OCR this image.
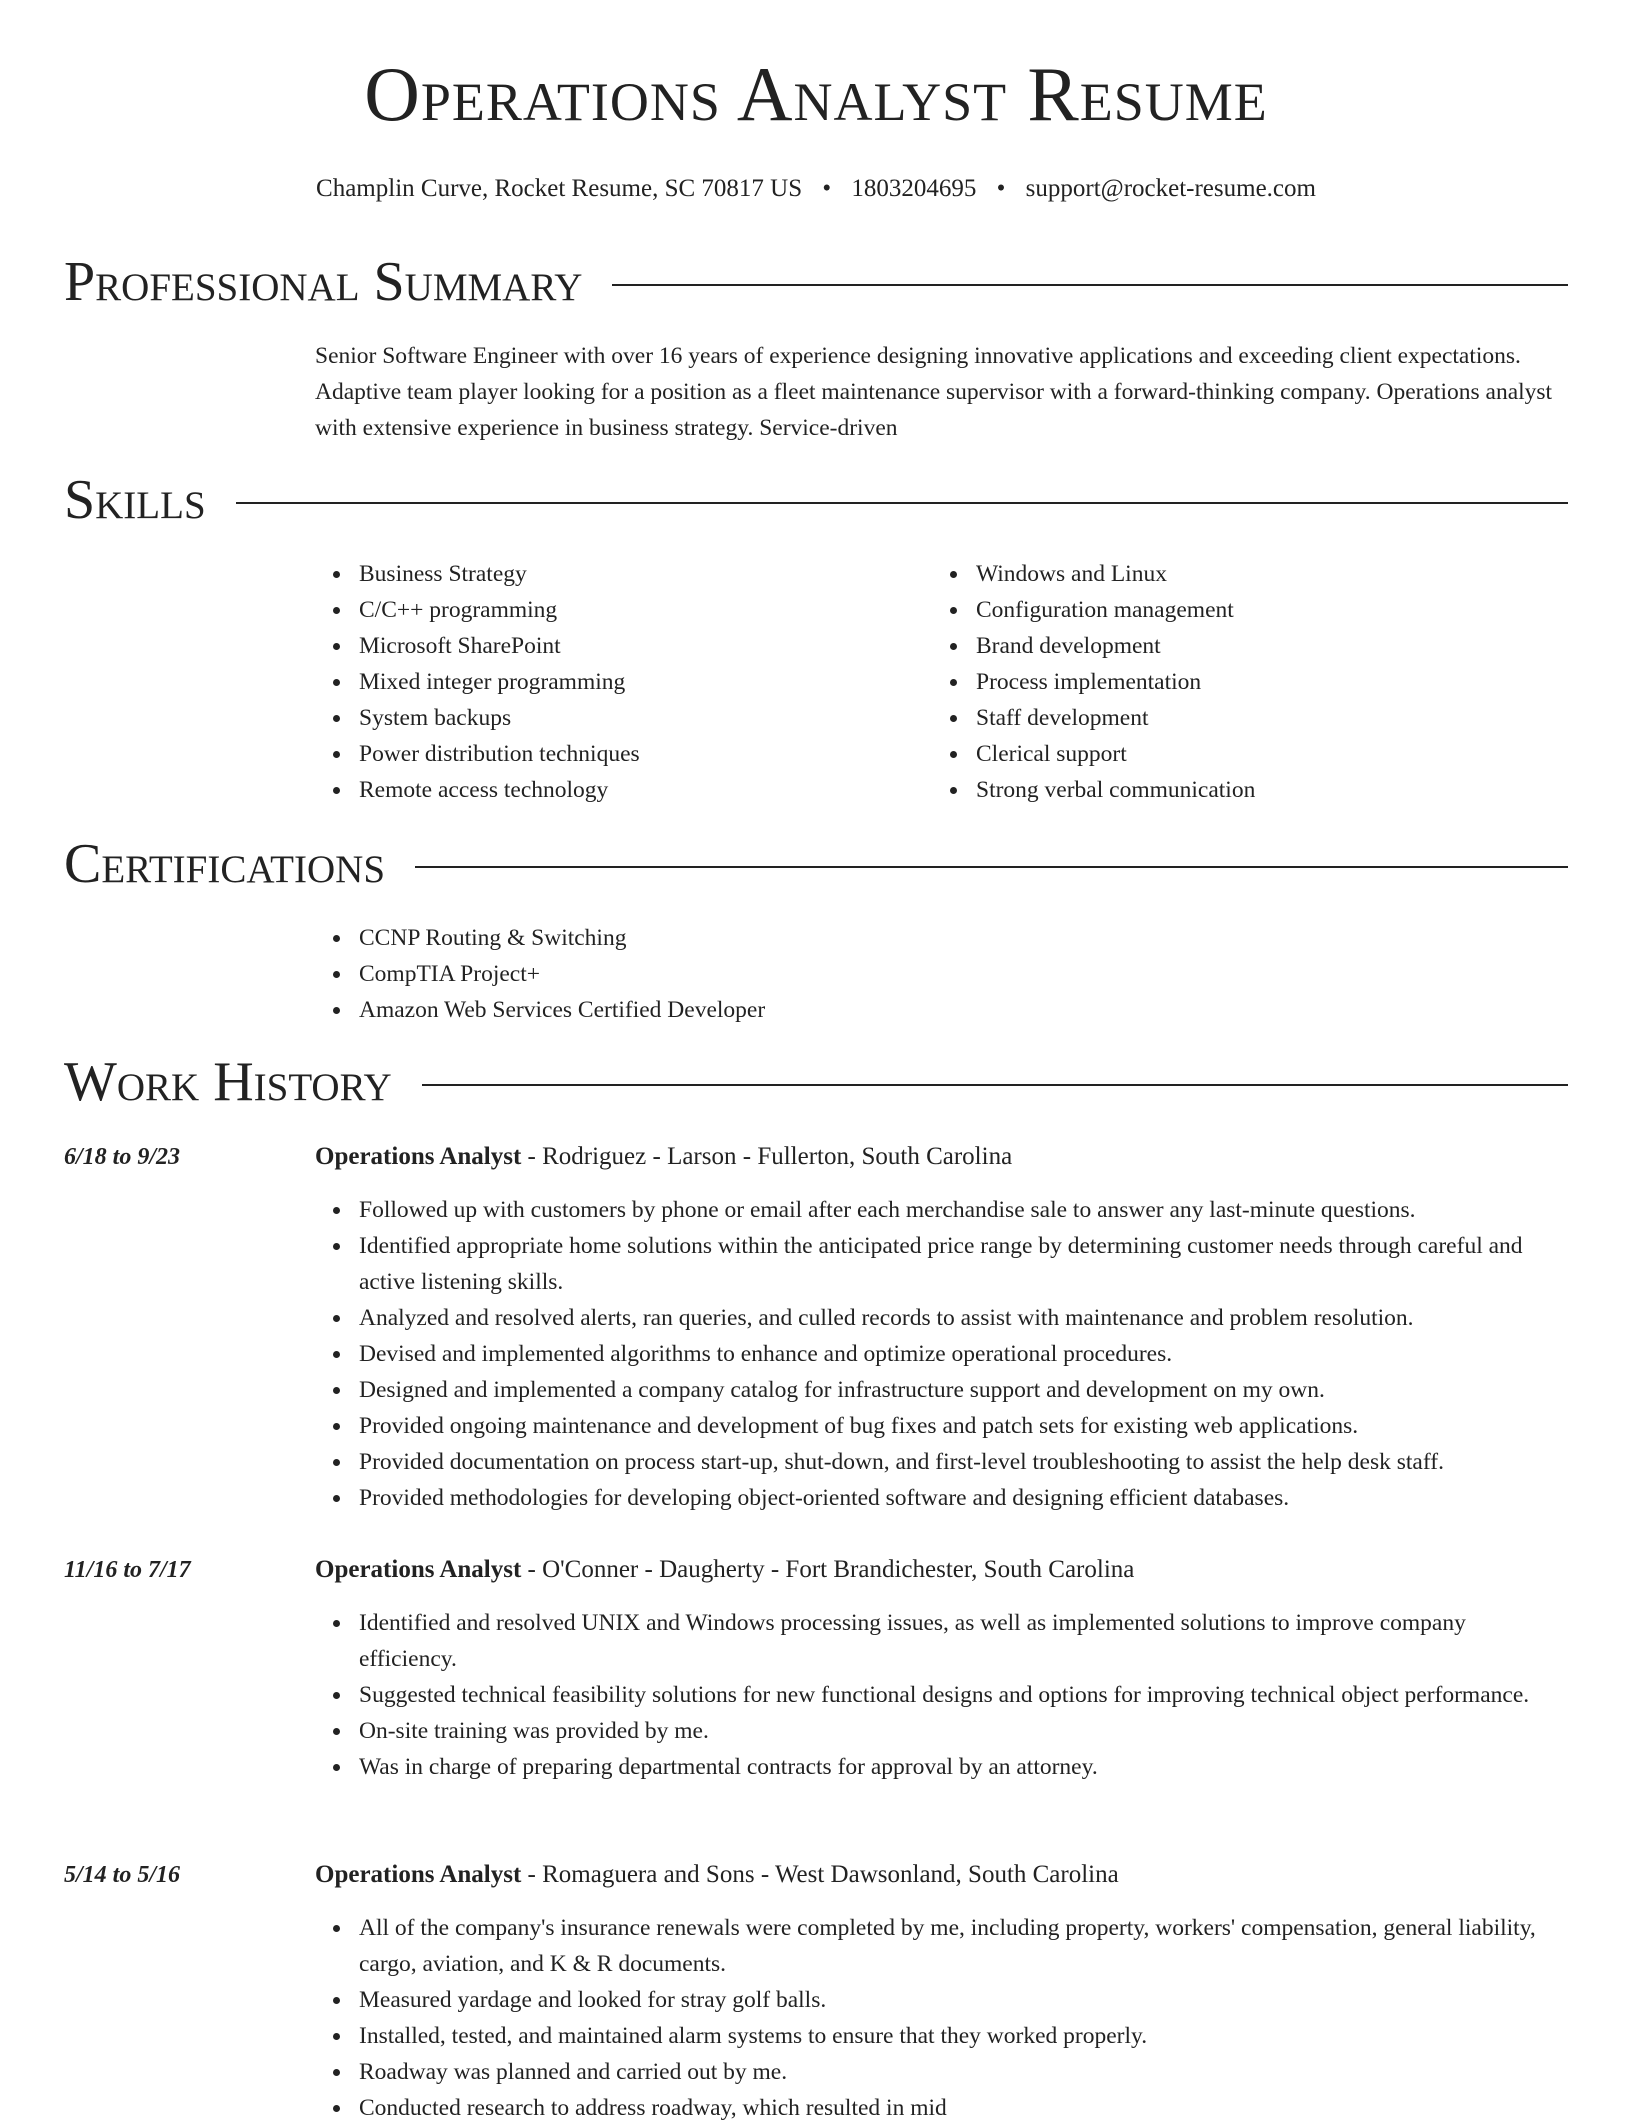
Operations Analyst Resume
Champlin Curve, Rocket Resume, SC 70817 US • 1803204695 • support@rocket-resume.com
Professional Summary
Senior Software Engineer with over 16 years of experience designing innovative applications and exceeding client expectations. Adaptive team player looking for a position as a fleet maintenance supervisor with a forward-thinking company. Operations analyst with extensive experience in business strategy. Service-driven
Skills
Business Strategy
C/C++ programming
Microsoft SharePoint
Mixed integer programming
System backups
Power distribution techniques
Remote access technology
Windows and Linux
Configuration management
Brand development
Process implementation
Staff development
Clerical support
Strong verbal communication
Certifications
CCNP Routing & Switching
CompTIA Project+
Amazon Web Services Certified Developer
Work History
6/18 to 9/23	Operations Analyst - Rodriguez - Larson - Fullerton, South Carolina
Followed up with customers by phone or email after each merchandise sale to answer any last-minute questions.
Identified appropriate home solutions within the anticipated price range by determining customer needs through careful and active listening skills.
Analyzed and resolved alerts, ran queries, and culled records to assist with maintenance and problem resolution.
Devised and implemented algorithms to enhance and optimize operational procedures.
Designed and implemented a company catalog for infrastructure support and development on my own.
Provided ongoing maintenance and development of bug fixes and patch sets for existing web applications.
Provided documentation on process start-up, shut-down, and first-level troubleshooting to assist the help desk staff.
Provided methodologies for developing object-oriented software and designing efficient databases.
11/16 to 7/17	Operations Analyst - O'Conner - Daugherty - Fort Brandichester, South Carolina
Identified and resolved UNIX and Windows processing issues, as well as implemented solutions to improve company efficiency.
Suggested technical feasibility solutions for new functional designs and options for improving technical object performance.
On-site training was provided by me.
Was in charge of preparing departmental contracts for approval by an attorney.
5/14 to 5/16	Operations Analyst - Romaguera and Sons - West Dawsonland, South Carolina
All of the company's insurance renewals were completed by me, including property, workers' compensation, general liability, cargo, aviation, and K & R documents.
Measured yardage and looked for stray golf balls.
Installed, tested, and maintained alarm systems to ensure that they worked properly.
Roadway was planned and carried out by me.
Conducted research to address roadway, which resulted in mid
